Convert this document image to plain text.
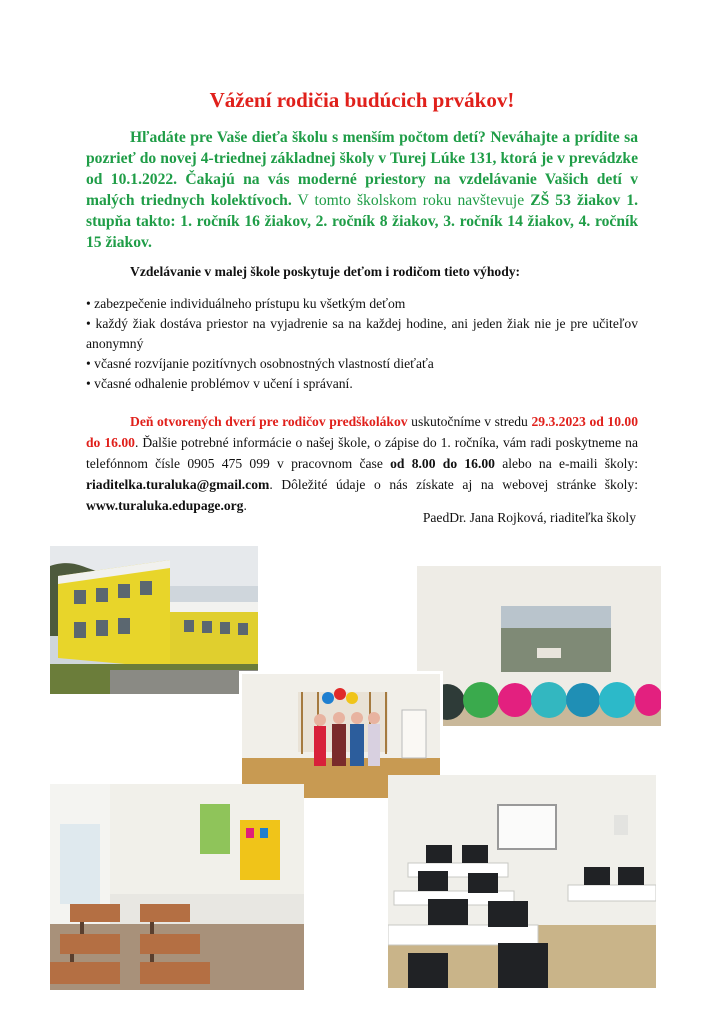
Vážení rodičia budúcich prvákov!
Hľadáte pre Vaše dieťa školu s menším počtom detí? Neváhajte a prídite sa pozrieť do novej 4-triednej základnej školy v Turej Lúke 131, ktorá je v prevádzke od 10.1.2022. Čakajú na vás moderné priestory na vzdelávanie Vašich detí v malých triednych kolektívoch. V tomto školskom roku navštevuje ZŠ 53 žiakov 1. stupňa takto: 1. ročník 16 žiakov, 2. ročník 8 žiakov, 3. ročník 14 žiakov, 4. ročník 15 žiakov.
Vzdelávanie v malej škole poskytuje deťom i rodičom tieto výhody:
• zabezpečenie individuálneho prístupu ku všetkým deťom
• každý žiak dostáva priestor na vyjadrenie sa na každej hodine, ani jeden žiak nie je pre učiteľov anonymný
• včasné rozvíjanie pozitívnych osobnostných vlastností dieťaťa
• včasné odhalenie problémov v učení i správaní.
Deň otvorených dverí pre rodičov predškolákov uskutočníme v stredu 29.3.2023 od 10.00 do 16.00. Ďalšie potrebné informácie o našej škole, o zápise do 1. ročníka, vám radi poskytneme na telefónnom čísle 0905 475 099 v pracovnom čase od 8.00 do 16.00 alebo na e-maili školy: riaditelka.turaluka@gmail.com. Dôležité údaje o nás získate aj na webovej stránke školy: www.turaluka.edupage.org.
PaedDr. Jana Rojková, riaditeľka školy
